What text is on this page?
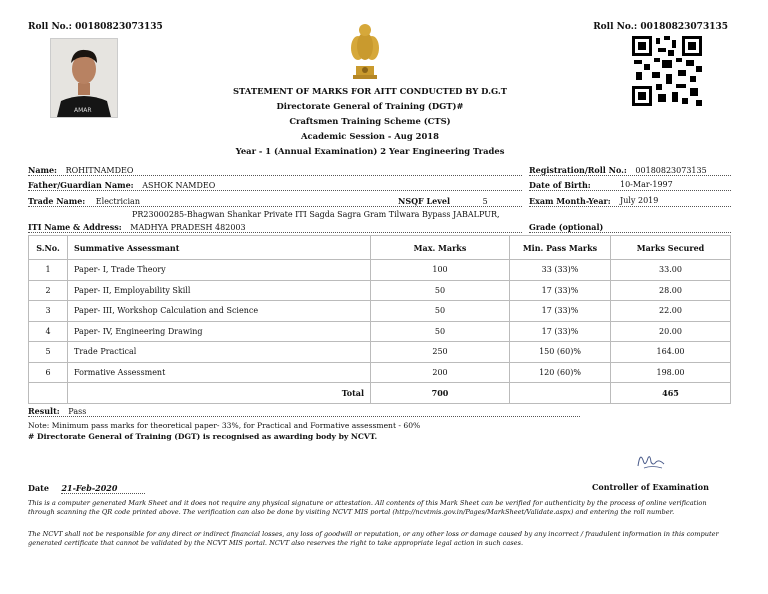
Roll No.: 00180823073135	Roll No.: 00180823073135
AMAR
STATEMENT OF MARKS FOR AITT CONDUCTED BY D.G.T
Directorate General of Training (DGT)#
Craftsmen Training Scheme (CTS)
Academic Session - Aug 2018
Year - 1 (Annual Examination) 2 Year Engineering Trades
Name: ROHITNAMDEO
Father/Guardian Name: ASHOK NAMDEO
Trade Name: Electrician	NSQF Level	5
PR23000285-Bhagwan Shankar Private ITI Sagda Sagra Gram Tilwara Bypass JABALPUR,
ITI Name & Address: MADHYA PRADESH 482003
Registration/Roll No.: 00180823073135
Date of Birth:	10-Mar-1997
Exam Month-Year: July 2019
Grade (optional)
S.No.	Summative Assessmant	Max. Marks	Min. Pass Marks	Marks Secured
1	Paper- I, Trade Theory	100	33 (33)%	33.00
2	Paper- II, Employability Skill	50	17 (33)%	28.00
3	Paper- III, Workshop Calculation and Science	50	17 (33)%	22.00
4	Paper- IV, Engineering Drawing	50	17 (33)%	20.00
5	Trade Practical	250	150 (60)%	164.00
6	Formative Assessment	200	120 (60)%	198.00
	Total	700		465
Result: Pass
Note: Minimum pass marks for theoretical paper- 33%, for Practical and Formative assessment - 60%
# Directorate General of Training (DGT) is recognised as awarding body by NCVT.
Controller of Examination
Date 21-Feb-2020
This is a computer generated Mark Sheet and it does not require any physical signature or attestation. All contents of this Mark Sheet can be verified for authenticity by the process of online verification through scanning the QR code printed above. The verification can also be done by visiting NCVT MIS portal (http://ncvtmis.gov.in/Pages/MarkSheet/Validate.aspx) and entering the roll number.
The NCVT shall not be responsible for any direct or indirect financial losses, any loss of goodwill or reputation, or any other loss or damage caused by any incorrect / fraudulent information in this computer generated certificate that cannot be validated by the NCVT MIS portal. NCVT also reserves the right to take appropriate legal action in such cases.
